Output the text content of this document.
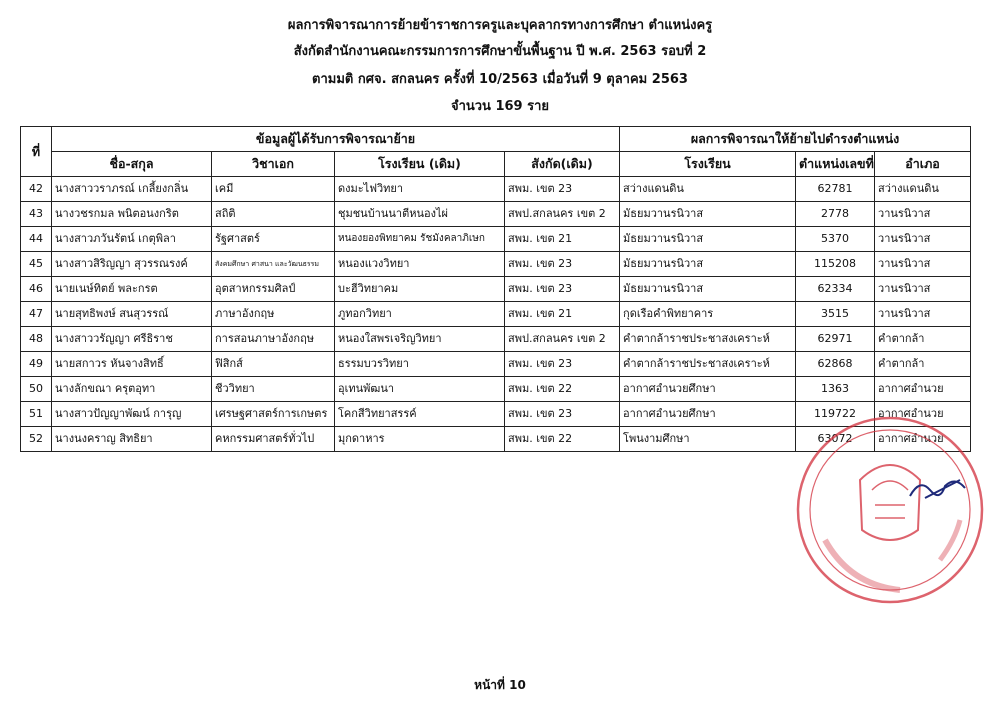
ผลการพิจารณาการย้ายข้าราชการครูและบุคลากรทางการศึกษา ตำแหน่งครู
สังกัดสำนักงานคณะกรรมการการศึกษาขั้นพื้นฐาน ปี พ.ศ. 2563 รอบที่ 2
ตามมติ กศจ. สกลนคร ครั้งที่ 10/2563 เมื่อวันที่ 9 ตุลาคม 2563
จำนวน 169 ราย
ที่	ข้อมูลผู้ได้รับการพิจารณาย้าย				ผลการพิจารณาให้ย้ายไปดำรงตำแหน่ง		
	ชื่อ-สกุล	วิชาเอก	โรงเรียน (เดิม)	สังกัด(เดิม)	โรงเรียน	ตำแหน่งเลขที่	อำเภอ
42	นางสาววราภรณ์ เกลี้ยงกลิ่น	เคมี	ดงมะไฟวิทยา	สพม. เขต 23	สว่างแดนดิน	62781	สว่างแดนดิน
43	นางวชรกมล พนิตอนงกริต	สถิติ	ชุมชนบ้านนาตีหนองไผ่	สพป.สกลนคร เขต 2	มัธยมวานรนิวาส	2778	วานรนิวาส
44	นางสาวภวันรัตน์ เกตุพิลา	รัฐศาสตร์	หนองยองพิทยาคม รัชมังคลาภิเษก	สพม. เขต 21	มัธยมวานรนิวาส	5370	วานรนิวาส
45	นางสาวสิริญญา สุวรรณรงค์	สังคมศึกษา ศาสนา และวัฒนธรรม	หนองแวงวิทยา	สพม. เขต 23	มัธยมวานรนิวาส	115208	วานรนิวาส
46	นายเนษ์ทิตย์ พละกรต	อุตสาหกรรมศิลป์	บะฮีวิทยาคม	สพม. เขต 23	มัธยมวานรนิวาส	62334	วานรนิวาส
47	นายสุทธิพงษ์ สนสุวรรณ์	ภาษาอังกฤษ	ภูทอกวิทยา	สพม. เขต 21	กุดเรือคำพิทยาคาร	3515	วานรนิวาส
48	นางสาววรัญญา ศรีธิราช	การสอนภาษาอังกฤษ	หนองใสพรเจริญวิทยา	สพป.สกลนคร เขต 2	คำตากล้าราชประชาสงเคราะห์	62971	คำตากล้า
49	นายสกาวร หันจางสิทธิ์	ฟิสิกส์	ธรรมบวรวิทยา	สพม. เขต 23	คำตากล้าราชประชาสงเคราะห์	62868	คำตากล้า
50	นางลักขณา ครุตอุทา	ชีววิทยา	อุเทนพัฒนา	สพม. เขต 22	อากาศอำนวยศึกษา	1363	อากาศอำนวย
51	นางสาวปัญญาพัฒน์ การุญ	เศรษฐศาสตร์การเกษตร	โคกสีวิทยาสรรค์	สพม. เขต 23	อากาศอำนวยศึกษา	119722	อากาศอำนวย
52	นางนงคราญ สิทธิยา	คหกรรมศาสตร์ทั่วไป	มุกดาหาร	สพม. เขต 22	โพนงามศึกษา	63072	อากาศอำนวย
หน้าที่ 10
